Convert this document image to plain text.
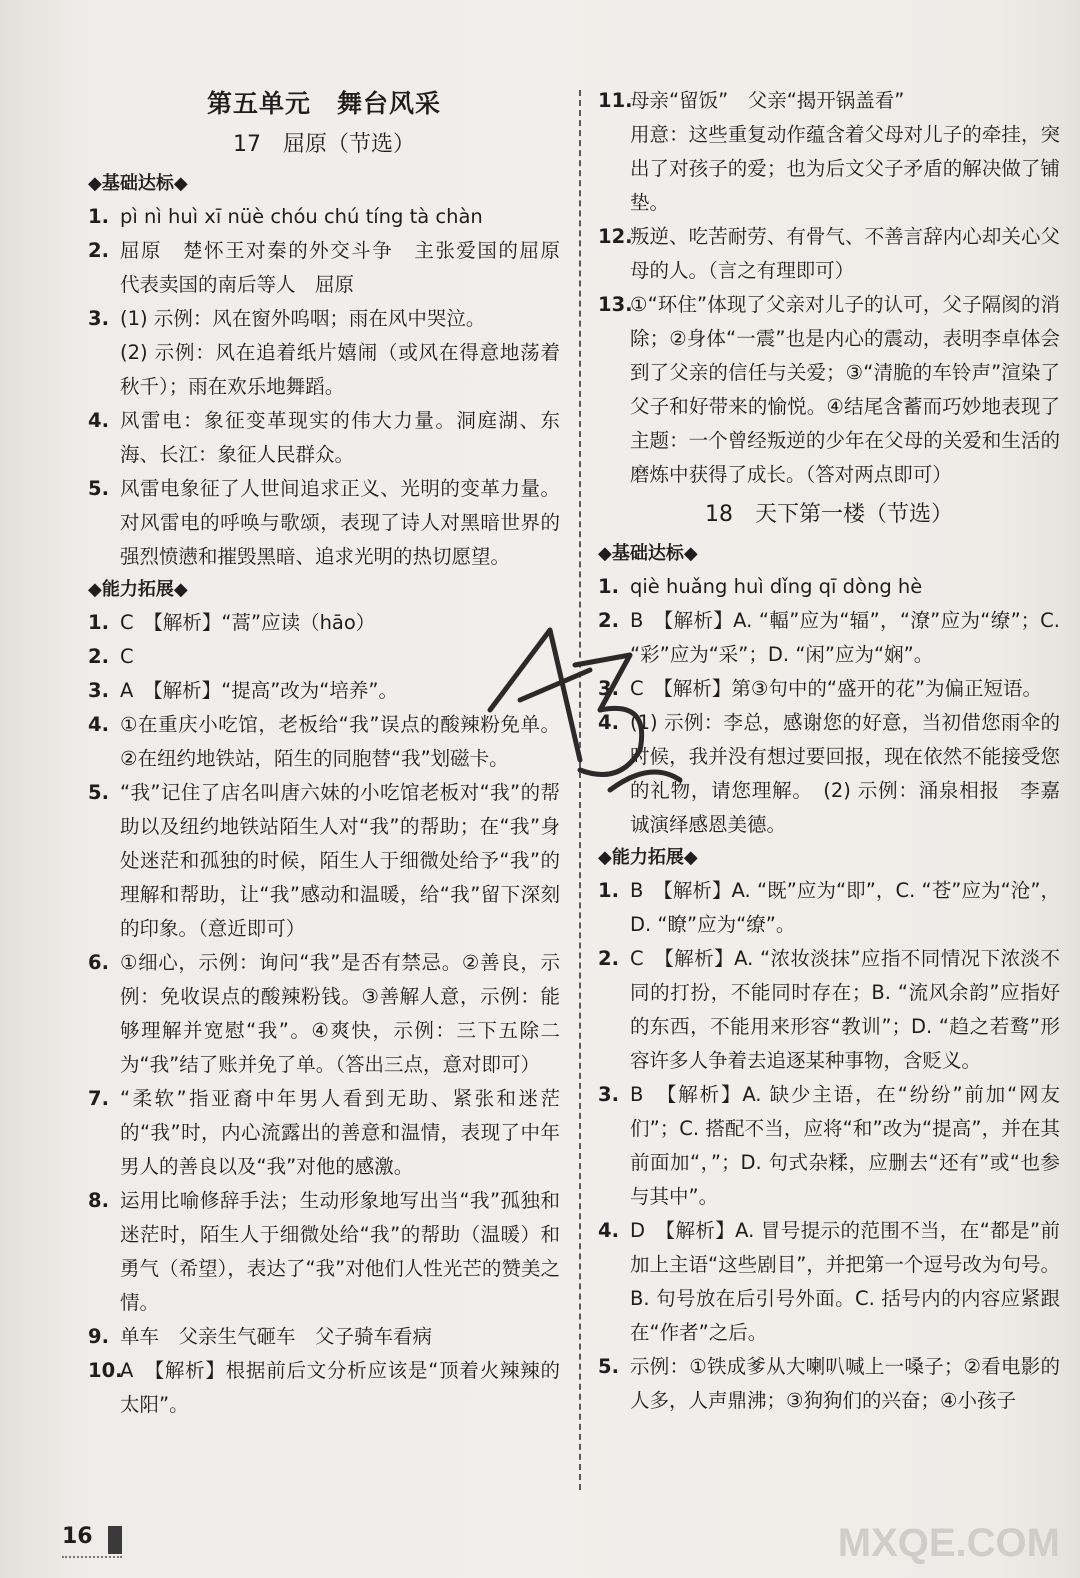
第五单元　舞台风采
17　屈原（节选）
◆基础达标◆
1. pì nì huì xī nüè chóu chú tíng tà chàn
2. 屈原　楚怀王对秦的外交斗争　主张爱国的屈原　代表卖国的南后等人　屈原
3. (1) 示例：风在窗外呜咽；雨在风中哭泣。
(2) 示例：风在追着纸片嬉闹（或风在得意地荡着秋千）；雨在欢乐地舞蹈。
4. 风雷电：象征变革现实的伟大力量。洞庭湖、东海、长江：象征人民群众。
5. 风雷电象征了人世间追求正义、光明的变革力量。对风雷电的呼唤与歌颂，表现了诗人对黑暗世界的强烈愤懑和摧毁黑暗、追求光明的热切愿望。
◆能力拓展◆
1. C　【解析】“蒿”应读（hāo）
2. C
3. A　【解析】“提高”改为“培养”。
4. ①在重庆小吃馆，老板给“我”误点的酸辣粉免单。②在纽约地铁站，陌生的同胞替“我”划磁卡。
5. “我”记住了店名叫唐六妹的小吃馆老板对“我”的帮助以及纽约地铁站陌生人对“我”的帮助；在“我”身处迷茫和孤独的时候，陌生人于细微处给予“我”的理解和帮助，让“我”感动和温暖，给“我”留下深刻的印象。（意近即可）
6. ①细心，示例：询问“我”是否有禁忌。②善良，示例：免收误点的酸辣粉钱。③善解人意，示例：能够理解并宽慰“我”。④爽快，示例：三下五除二为“我”结了账并免了单。（答出三点，意对即可）
7. “柔软”指亚裔中年男人看到无助、紧张和迷茫的“我”时，内心流露出的善意和温情，表现了中年男人的善良以及“我”对他的感激。
8. 运用比喻修辞手法；生动形象地写出当“我”孤独和迷茫时，陌生人于细微处给“我”的帮助（温暖）和勇气（希望），表达了“我”对他们人性光芒的赞美之情。
9. 单车　父亲生气砸车　父子骑车看病
10.
A　【解析】根据前后文分析应该是“顶着火辣辣的太阳”。
11.
母亲“留饭”　父亲“揭开锅盖看”
用意：这些重复动作蕴含着父母对儿子的牵挂，突出了对孩子的爱；也为后文父子矛盾的解决做了铺垫。
12.
叛逆、吃苦耐劳、有骨气、不善言辞内心却关心父母的人。（言之有理即可）
13.
①“环住”体现了父亲对儿子的认可，父子隔阂的消除；②身体“一震”也是内心的震动，表明李卓体会到了父亲的信任与关爱；③“清脆的车铃声”渲染了父子和好带来的愉悦。④结尾含蓄而巧妙地表现了主题：一个曾经叛逆的少年在父母的关爱和生活的磨炼中获得了成长。（答对两点即可）
18　天下第一楼（节选）
◆基础达标◆
1. qiè huǎng huì dǐng qī dòng hè
2. B　【解析】A. “輻”应为“辐”，“潦”应为“缭”；C. “彩”应为“采”；D. “闲”应为“娴”。
3. C　【解析】第③句中的“盛开的花”为偏正短语。
4. (1) 示例：李总，感谢您的好意，当初借您雨伞的时候，我并没有想过要回报，现在依然不能接受您的礼物，请您理解。　(2) 示例：涌泉相报　李嘉诚演绎感恩美德。
◆能力拓展◆
1. B　【解析】A. “既”应为“即”，C. “苍”应为“沧”，D. “瞭”应为“缭”。
2. C　【解析】A. “浓妆淡抹”应指不同情况下浓淡不同的打扮，不能同时存在；B. “流风余韵”应指好的东西，不能用来形容“教训”；D. “趋之若鹜”形容许多人争着去追逐某种事物，含贬义。
3. B　【解析】A. 缺少主语，在“纷纷”前加“网友们”；C. 搭配不当，应将“和”改为“提高”，并在其前面加“，”；D. 句式杂糅，应删去“还有”或“也参与其中”。
4. D　【解析】A. 冒号提示的范围不当，在“都是”前加上主语“这些剧目”，并把第一个逗号改为句号。B. 句号放在后引号外面。C. 括号内的内容应紧跟在“作者”之后。
5. 示例：①铁成爹从大喇叭喊上一嗓子；②看电影的人多，人声鼎沸；③狗狗们的兴奋；④小孩子
16	MXQE.COM
